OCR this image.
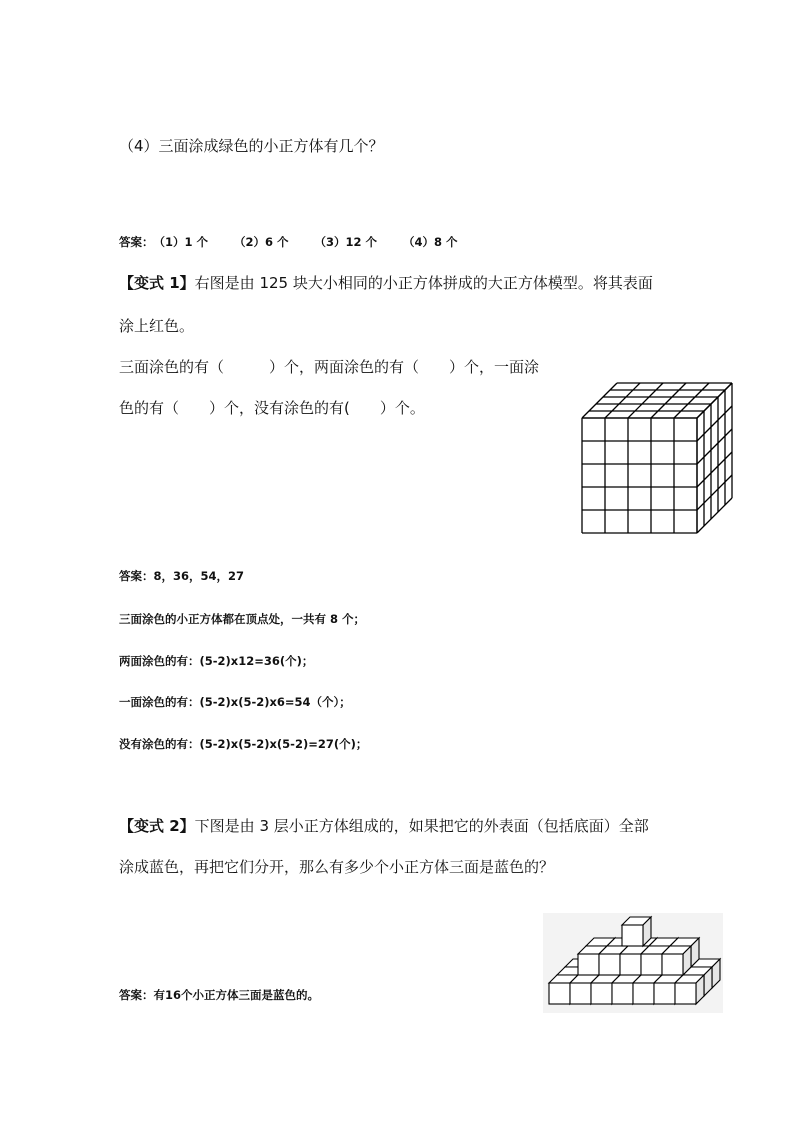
（4）三面涂成绿色的小正方体有几个？
答案：（1）1 个 （2）6 个 （3）12 个 （4）8 个
【变式 1】右图是由 125 块大小相同的小正方体拼成的大正方体模型。将其表面
涂上红色。
三面涂色的有（　　　）个，两面涂色的有（　　）个，一面涂
色的有（　　）个，没有涂色的有(　　）个。
答案：8，36，54，27
三面涂色的小正方体都在顶点处，一共有 8 个；
两面涂色的有：(5-2)x12=36(个)；
一面涂色的有：(5-2)x(5-2)x6=54（个）；
没有涂色的有：(5-2)x(5-2)x(5-2)=27(个)；
【变式 2】下图是由 3 层小正方体组成的，如果把它的外表面（包括底面）全部
涂成蓝色，再把它们分开，那么有多少个小正方体三面是蓝色的？
答案：有16个小正方体三面是蓝色的。
